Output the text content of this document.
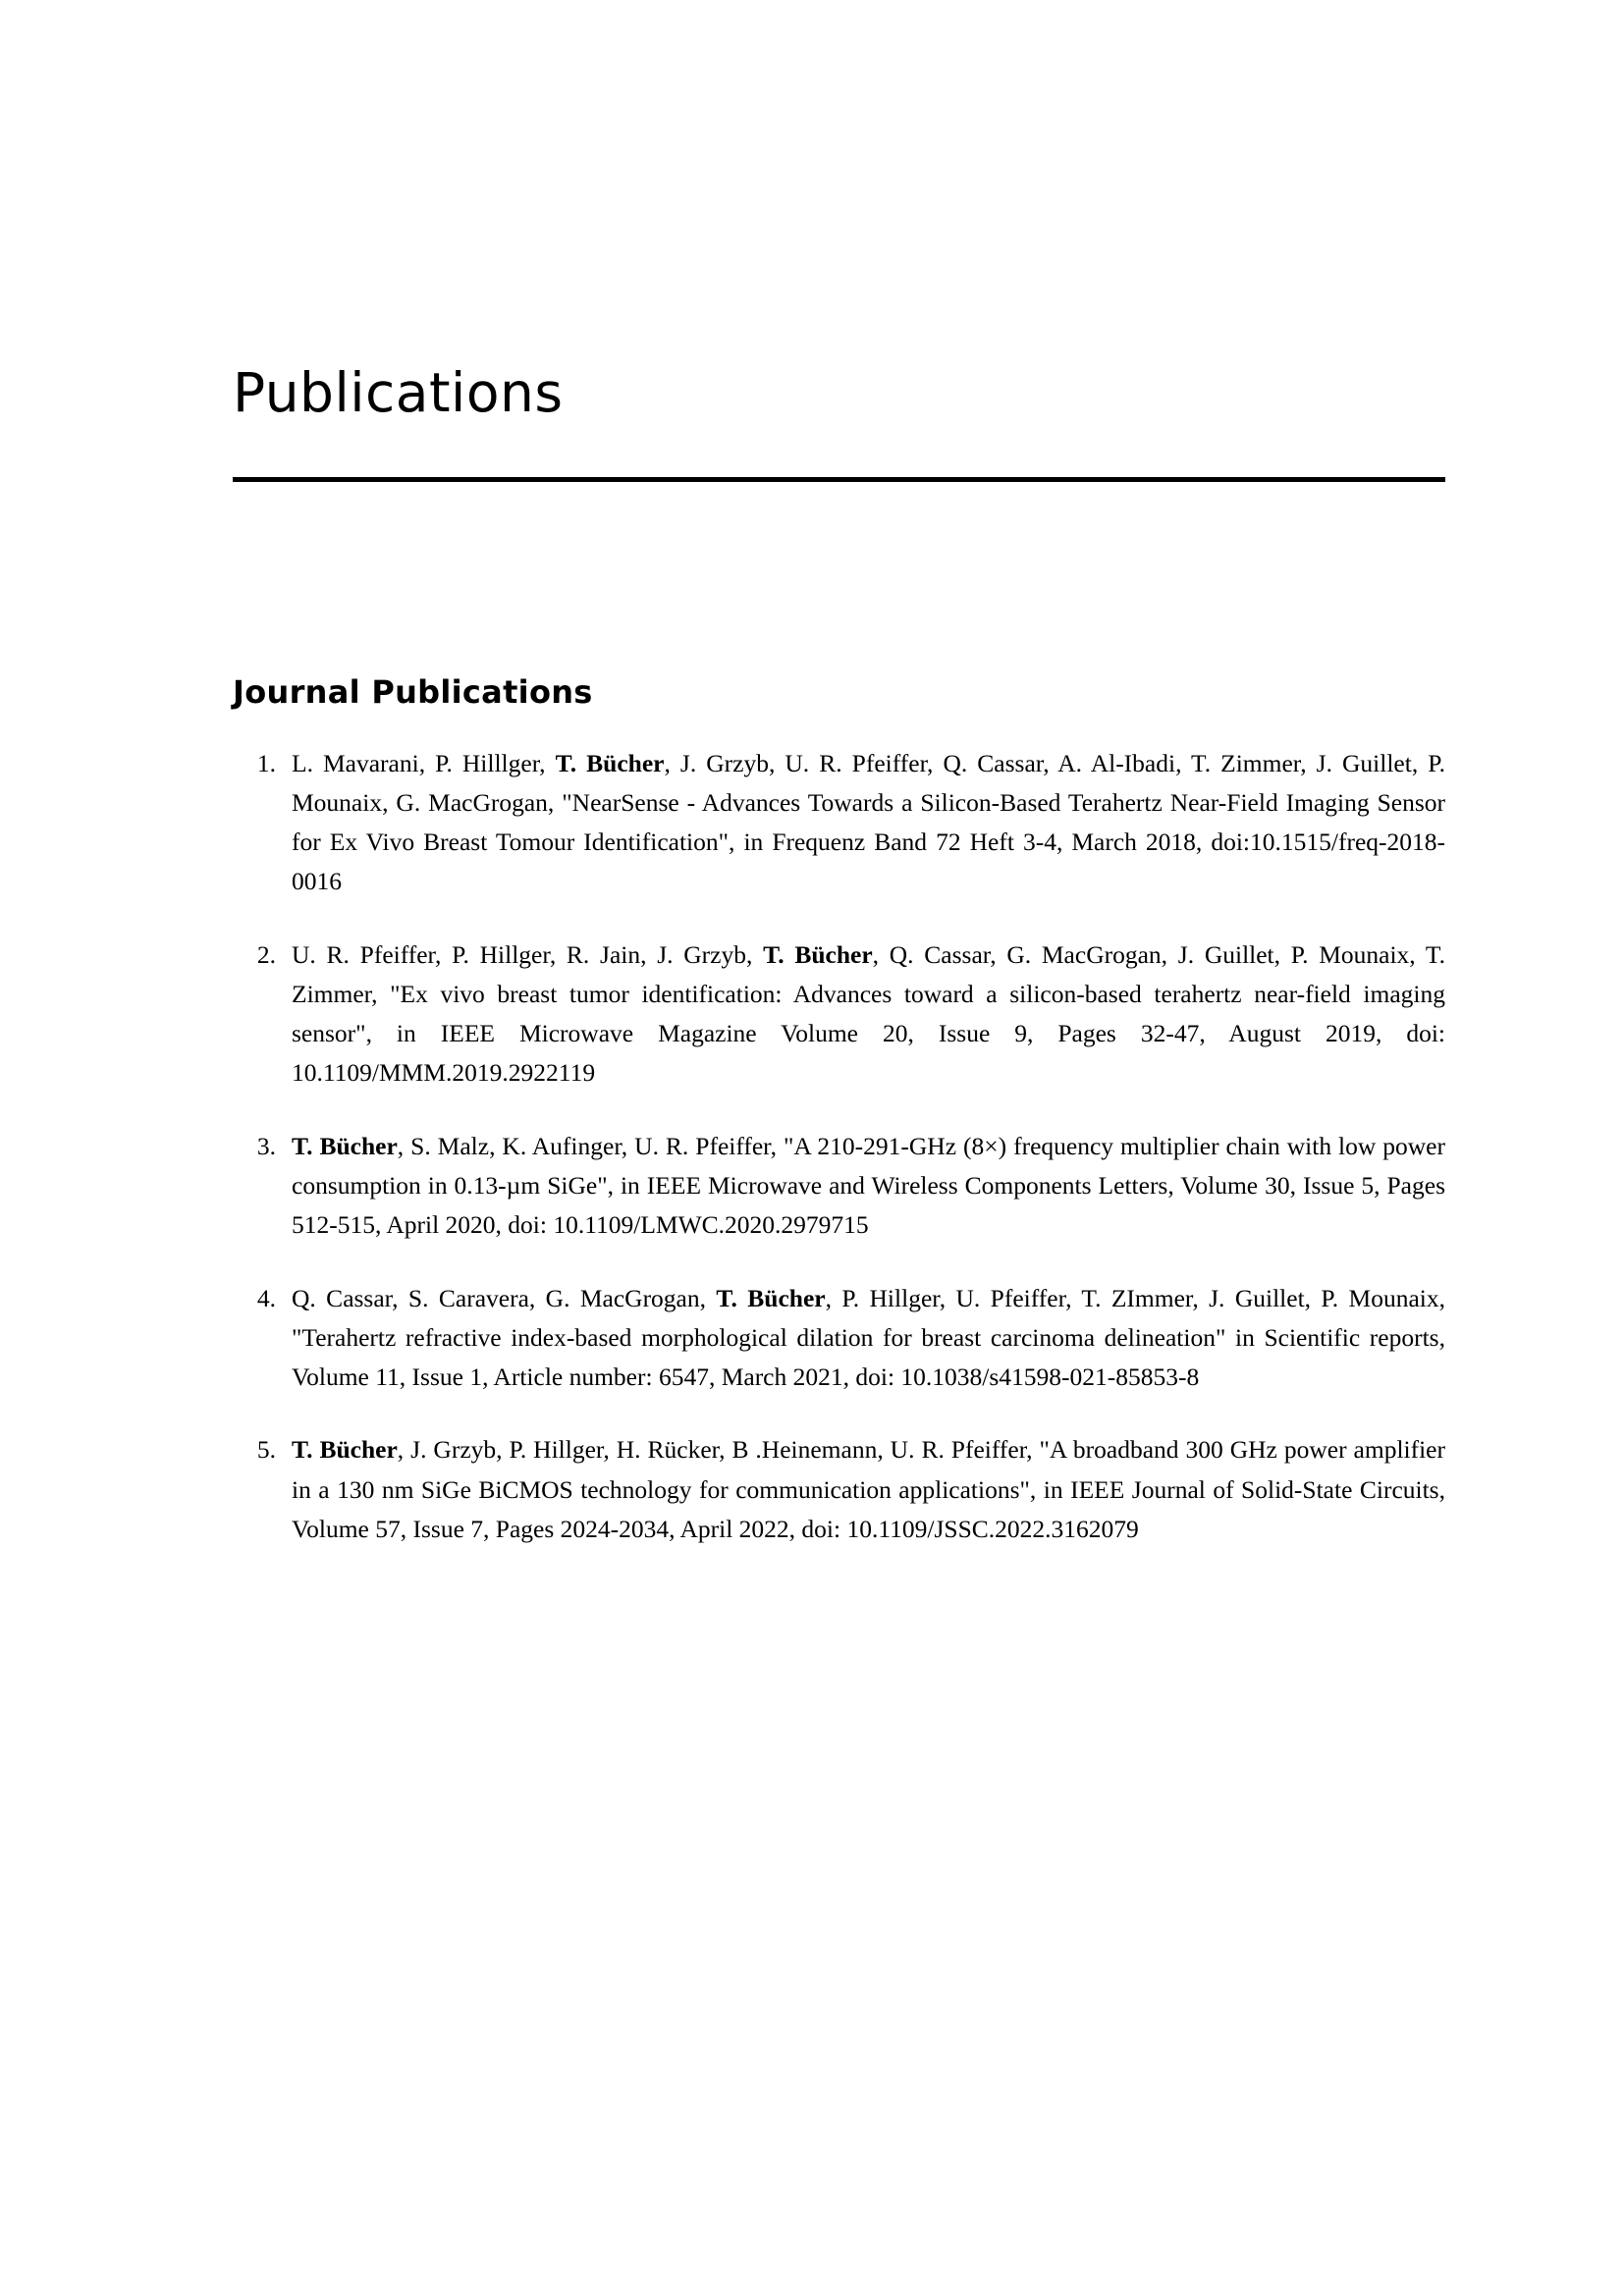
Publications
Journal Publications
1. L. Mavarani, P. Hilllger, T. Bücher, J. Grzyb, U. R. Pfeiffer, Q. Cassar, A. Al-Ibadi, T. Zimmer, J. Guillet, P. Mounaix, G. MacGrogan, "NearSense - Advances Towards a Silicon-Based Terahertz Near-Field Imaging Sensor for Ex Vivo Breast Tomour Identification", in Frequenz Band 72 Heft 3-4, March 2018, doi:10.1515/freq-2018-0016
2. U. R. Pfeiffer, P. Hillger, R. Jain, J. Grzyb, T. Bücher, Q. Cassar, G. MacGrogan, J. Guillet, P. Mounaix, T. Zimmer, "Ex vivo breast tumor identification: Advances toward a silicon-based terahertz near-field imaging sensor", in IEEE Microwave Magazine Volume 20, Issue 9, Pages 32-47, August 2019, doi: 10.1109/MMM.2019.2922119
3. T. Bücher, S. Malz, K. Aufinger, U. R. Pfeiffer, "A 210-291-GHz (8×) frequency multiplier chain with low power consumption in 0.13-µm SiGe", in IEEE Microwave and Wireless Components Letters, Volume 30, Issue 5, Pages 512-515, April 2020, doi: 10.1109/LMWC.2020.2979715
4. Q. Cassar, S. Caravera, G. MacGrogan, T. Bücher, P. Hillger, U. Pfeiffer, T. ZImmer, J. Guillet, P. Mounaix, "Terahertz refractive index-based morphological dilation for breast carcinoma delineation" in Scientific reports, Volume 11, Issue 1, Article number: 6547, March 2021, doi: 10.1038/s41598-021-85853-8
5. T. Bücher, J. Grzyb, P. Hillger, H. Rücker, B .Heinemann, U. R. Pfeiffer, "A broadband 300 GHz power amplifier in a 130 nm SiGe BiCMOS technology for communication applications", in IEEE Journal of Solid-State Circuits, Volume 57, Issue 7, Pages 2024-2034, April 2022, doi: 10.1109/JSSC.2022.3162079
